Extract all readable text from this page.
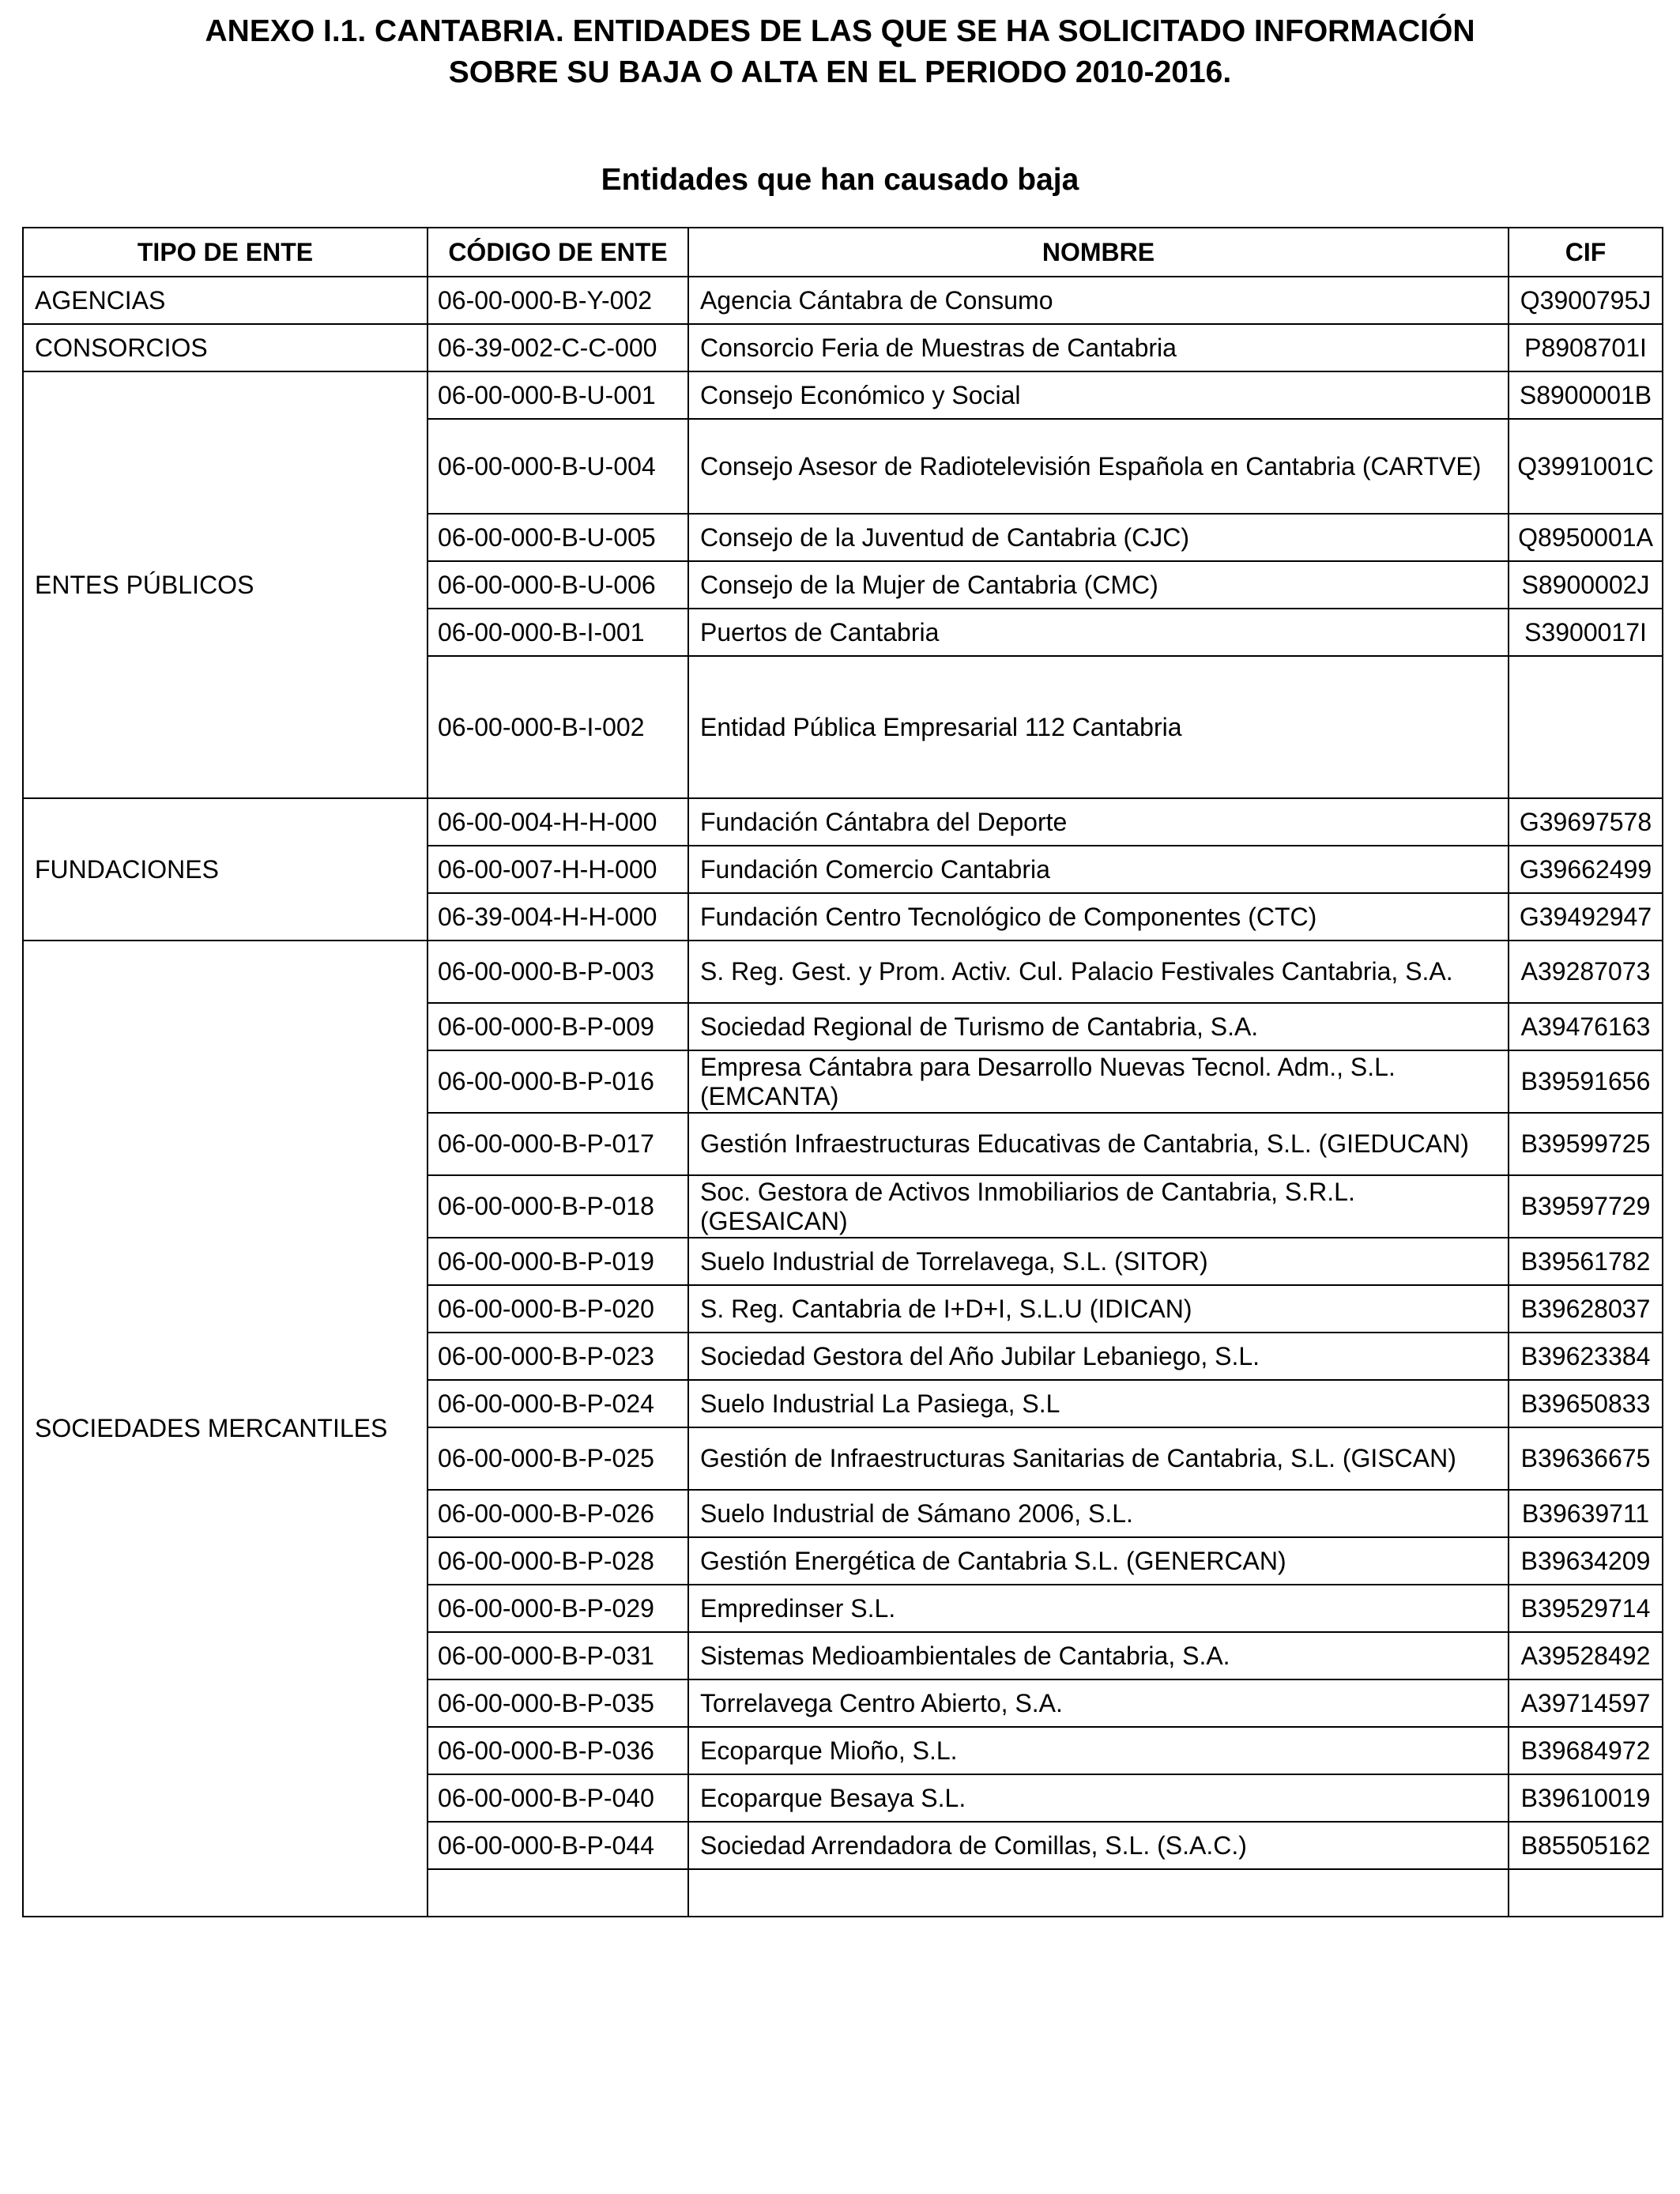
ANEXO I.1. CANTABRIA. ENTIDADES DE LAS QUE SE HA SOLICITADO INFORMACIÓN
SOBRE SU BAJA O ALTA EN EL PERIODO 2010-2016.
Entidades que han causado baja
TIPO DE ENTE	CÓDIGO DE ENTE	NOMBRE	CIF
AGENCIAS	06-00-000-B-Y-002	Agencia Cántabra de Consumo	Q3900795J
CONSORCIOS	06-39-002-C-C-000	Consorcio Feria de Muestras de Cantabria	P8908701I
ENTES PÚBLICOS	06-00-000-B-U-001	Consejo Económico y Social	S8900001B
	06-00-000-B-U-004	Consejo Asesor de Radiotelevisión Española en Cantabria (CARTVE)	Q3991001C
	06-00-000-B-U-005	Consejo de la Juventud de Cantabria (CJC)	Q8950001A
	06-00-000-B-U-006	Consejo de la Mujer de Cantabria (CMC)	S8900002J
	06-00-000-B-I-001	Puertos de Cantabria	S3900017I
	06-00-000-B-I-002	Entidad Pública Empresarial 112 Cantabria	
FUNDACIONES	06-00-004-H-H-000	Fundación Cántabra del Deporte	G39697578
	06-00-007-H-H-000	Fundación Comercio Cantabria	G39662499
	06-39-004-H-H-000	Fundación Centro Tecnológico de Componentes (CTC)	G39492947
SOCIEDADES MERCANTILES	06-00-000-B-P-003	S. Reg. Gest. y Prom. Activ. Cul. Palacio Festivales Cantabria, S.A.	A39287073
	06-00-000-B-P-009	Sociedad Regional de Turismo de Cantabria, S.A.	A39476163
	06-00-000-B-P-016	Empresa Cántabra para Desarrollo Nuevas Tecnol. Adm., S.L. (EMCANTA)	B39591656
	06-00-000-B-P-017	Gestión Infraestructuras Educativas de Cantabria, S.L. (GIEDUCAN)	B39599725
	06-00-000-B-P-018	Soc. Gestora de Activos Inmobiliarios de Cantabria, S.R.L. (GESAICAN)	B39597729
	06-00-000-B-P-019	Suelo Industrial de Torrelavega, S.L. (SITOR)	B39561782
	06-00-000-B-P-020	S. Reg. Cantabria de I+D+I, S.L.U (IDICAN)	B39628037
	06-00-000-B-P-023	Sociedad Gestora del Año Jubilar Lebaniego, S.L.	B39623384
	06-00-000-B-P-024	Suelo Industrial La Pasiega, S.L	B39650833
	06-00-000-B-P-025	Gestión de Infraestructuras Sanitarias de Cantabria, S.L. (GISCAN)	B39636675
	06-00-000-B-P-026	Suelo Industrial de Sámano 2006, S.L.	B39639711
	06-00-000-B-P-028	Gestión Energética de Cantabria S.L. (GENERCAN)	B39634209
	06-00-000-B-P-029	Empredinser S.L.	B39529714
	06-00-000-B-P-031	Sistemas Medioambientales de Cantabria, S.A.	A39528492
	06-00-000-B-P-035	Torrelavega Centro Abierto, S.A.	A39714597
	06-00-000-B-P-036	Ecoparque Mioño, S.L.	B39684972
	06-00-000-B-P-040	Ecoparque Besaya S.L.	B39610019
	06-00-000-B-P-044	Sociedad Arrendadora de Comillas, S.L. (S.A.C.)	B85505162
